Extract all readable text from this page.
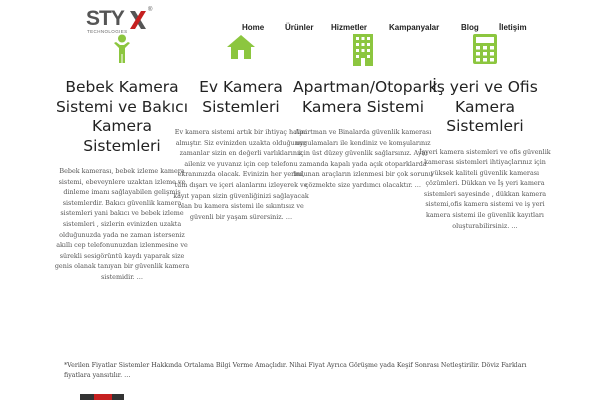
STY	®
TECHNOLOGIES	Home	Ürünler Hizmetler	Kampanyalar	Blog	İletişim
Bebek Kamera Sistemi ve Bakıcı Kamera Sistemleri

Bebek kamerası, bebek izleme kamera sistemi, ebeveynlere uzaktan izleme ve dinleme imanı sağlayabilen gelişmiş sistemlerdir. Bakıcı güvenlik kamera sistemleri yani bakıcı ve bebek izleme sistemleri , sizlerin evinizden uzakta olduğunuzda yada ne zaman isterseniz akıllı cep telefonunuzdan izlenmesine ve sürekli sesigörüntü kaydı yaparak size genis olanak tanıyan bir güvenlik kamera sistemidir. …

Ev Kamera Sistemleri

Ev kamera sistemi artık bir ihtiyaç halini almıştır. Siz evinizden uzakta olduğunuz zamanlar sizin en değerli varlıklarınız aileniz ve yuvanız için cep telefonu ekranınızda olacak. Evinizin her yerini, tüm dışarı ve içeri alanlarını izleyerek ve kayıt yapan sizin güvenliğinizi sağlayacak olan bu kamera sistemi ile sıkıntısız ve güvenli bir yaşam sürersiniz. …

Apartman/Otopark Kamera Sistemi

Apartman ve Binalarda güvenlik kamerası uygulamaları ile kendiniz ve komşularınız için üst düzey güvenlik sağlarsınız. Aynı zamanda kapalı yada açık otoparklarda bulunan araçların izlenmesi bir çok sorunu çözmekte size yardımcı olacaktır. …

İş yeri ve Ofis Kamera Sistemleri

İşyeri kamera sistemleri ve ofis güvenlik kamerası sistemleri ihtiyaçlarınız için yüksek kaliteli güvenlik kamerası çözümleri. Dükkan ve İş yeri kamera sistemleri sayesinde , dükkan kamera sistemi,ofis kamera sistemi ve iş yeri kamera sistemi ile güvenlik kayıtları oluşturabilirsiniz. …

*Verilen Fiyatlar Sistemler Hakkında Ortalama Bilgi Verme Amaçlıdır. Nihai Fiyat Ayrıca Görüşme yada Keşif Sonrası Netleştirilir. Döviz Farkları fiyatlara yansıtılır. …
